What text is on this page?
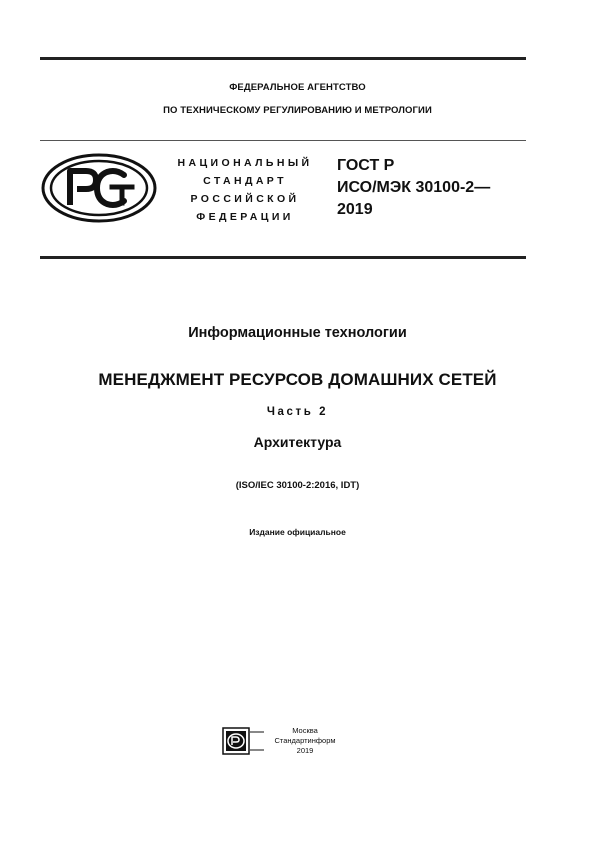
ФЕДЕРАЛЬНОЕ АГЕНТСТВО
ПО ТЕХНИЧЕСКОМУ РЕГУЛИРОВАНИЮ И МЕТРОЛОГИИ
НАЦИОНАЛЬНЫЙ
СТАНДАРТ
РОССИЙСКОЙ
ФЕДЕРАЦИИ
ГОСТ Р
ИСО/МЭК 30100-2—
2019
Информационные технологии
МЕНЕДЖМЕНТ РЕСУРСОВ ДОМАШНИХ СЕТЕЙ
Часть 2
Архитектура
(ISO/IEC 30100-2:2016, IDT)
Издание официальное
Москва
Стандартинформ
2019
